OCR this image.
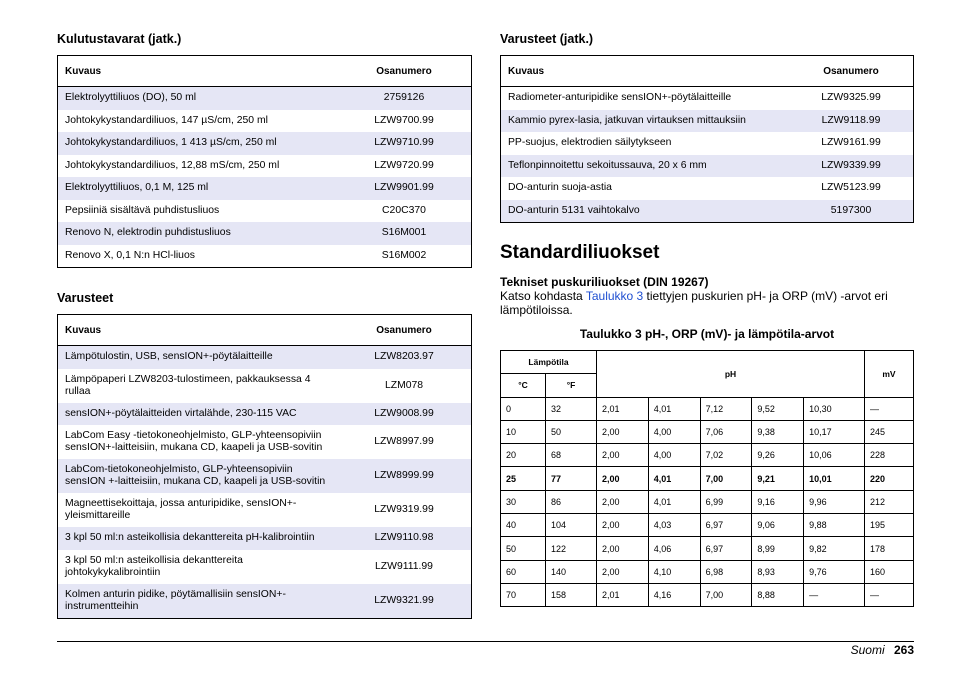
Kulutustavarat (jatk.)
Kuvaus	Osanumero
Elektrolyyttiliuos (DO), 50 ml	2759126
Johtokykystandardiliuos, 147 µS/cm, 250 ml	LZW9700.99
Johtokykystandardiliuos, 1 413 µS/cm, 250 ml	LZW9710.99
Johtokykystandardiliuos, 12,88 mS/cm, 250 ml	LZW9720.99
Elektrolyyttiliuos, 0,1 M, 125 ml	LZW9901.99
Pepsiiniä sisältävä puhdistusliuos	C20C370
Renovo N, elektrodin puhdistusliuos	S16M001
Renovo X, 0,1 N:n HCl-liuos	S16M002
Varusteet
Kuvaus	Osanumero
Lämpötulostin, USB, sensION+-pöytälaitteille	LZW8203.97
Lämpöpaperi LZW8203-tulostimeen, pakkauksessa 4 rullaa	LZM078
sensION+-pöytälaitteiden virtalähde, 230-115 VAC	LZW9008.99
LabCom Easy -tietokoneohjelmisto, GLP-yhteensopiviin sensION+-laitteisiin, mukana CD, kaapeli ja USB-sovitin	LZW8997.99
LabCom-tietokoneohjelmisto, GLP-yhteensopiviin sensION +-laitteisiin, mukana CD, kaapeli ja USB-sovitin	LZW8999.99
Magneettisekoittaja, jossa anturipidike, sensION+-yleismittareille	LZW9319.99
3 kpl 50 ml:n asteikollisia dekanttereita pH-kalibrointiin	LZW9110.98
3 kpl 50 ml:n asteikollisia dekanttereita johtokykykalibrointiin	LZW9111.99
Kolmen anturin pidike, pöytämallisiin sensION+-instrumentteihin	LZW9321.99
Varusteet (jatk.)
Kuvaus	Osanumero
Radiometer-anturipidike sensION+-pöytälaitteille	LZW9325.99
Kammio pyrex-lasia, jatkuvan virtauksen mittauksiin	LZW9118.99
PP-suojus, elektrodien säilytykseen	LZW9161.99
Teflonpinnoitettu sekoitussauva, 20 x 6 mm	LZW9339.99
DO-anturin suoja-astia	LZW5123.99
DO-anturin 5131 vaihtokalvo	5197300
Standardiliuokset

Tekniset puskuriliuokset (DIN 19267)

Katso kohdasta Taulukko 3 tiettyjen puskurien pH- ja ORP (mV) -arvot eri lämpötiloissa.

Taulukko 3 pH-, ORP (mV)- ja lämpötila-arvot
Lämpötila		pH					mV
°C	°F						
0	32	2,01	4,01	7,12	9,52	10,30	—
10	50	2,00	4,00	7,06	9,38	10,17	245
20	68	2,00	4,00	7,02	9,26	10,06	228
25	77	2,00	4,01	7,00	9,21	10,01	220
30	86	2,00	4,01	6,99	9,16	9,96	212
40	104	2,00	4,03	6,97	9,06	9,88	195
50	122	2,00	4,06	6,97	8,99	9,82	178
60	140	2,00	4,10	6,98	8,93	9,76	160
70	158	2,01	4,16	7,00	8,88	—	—
Suomi 263
